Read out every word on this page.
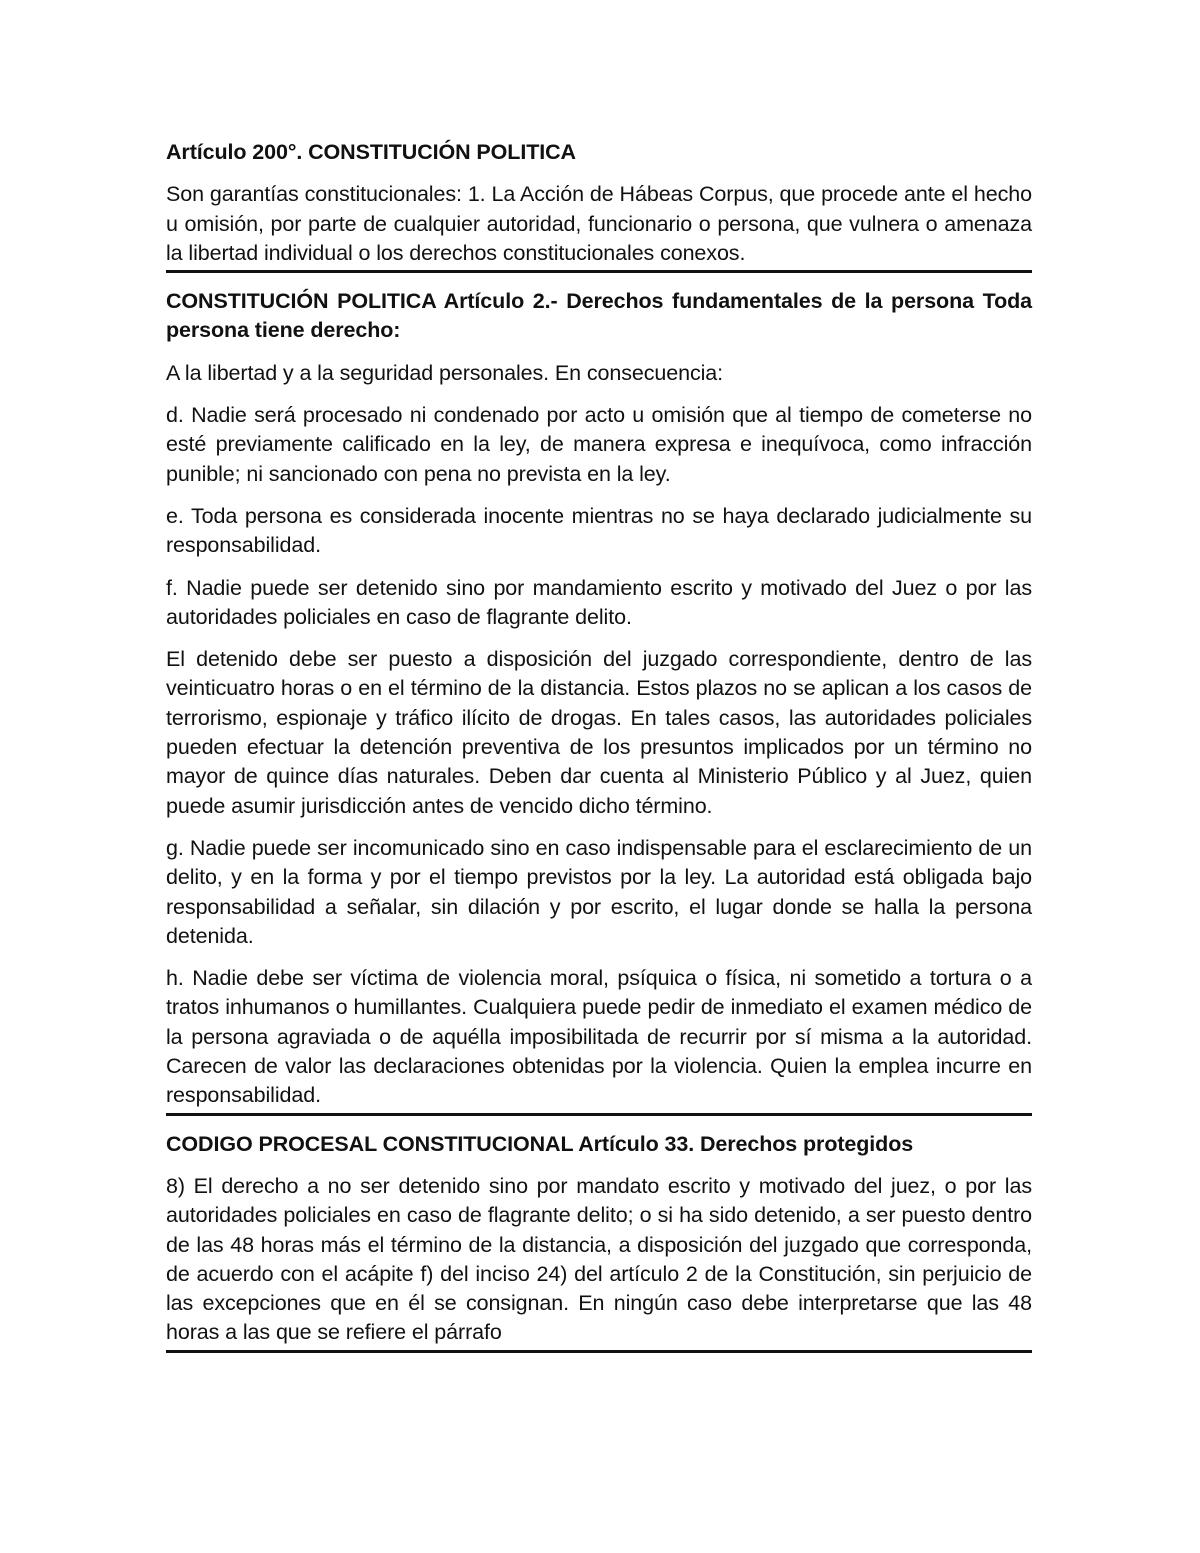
Artículo 200°. CONSTITUCIÓN POLITICA

Son garantías constitucionales: 1. La Acción de Hábeas Corpus, que procede ante el hecho u omisión, por parte de cualquier autoridad, funcionario o persona, que vulnera o amenaza la libertad individual o los derechos constitucionales conexos.

CONSTITUCIÓN POLITICA Artículo 2.- Derechos fundamentales de la persona Toda persona tiene derecho:

A la libertad y a la seguridad personales. En consecuencia:

d. Nadie será procesado ni condenado por acto u omisión que al tiempo de cometerse no esté previamente calificado en la ley, de manera expresa e inequívoca, como infracción punible; ni sancionado con pena no prevista en la ley.

e. Toda persona es considerada inocente mientras no se haya declarado judicialmente su responsabilidad.

f. Nadie puede ser detenido sino por mandamiento escrito y motivado del Juez o por las autoridades policiales en caso de flagrante delito.

El detenido debe ser puesto a disposición del juzgado correspondiente, dentro de las veinticuatro horas o en el término de la distancia. Estos plazos no se aplican a los casos de terrorismo, espionaje y tráfico ilícito de drogas. En tales casos, las autoridades policiales pueden efectuar la detención preventiva de los presuntos implicados por un término no mayor de quince días naturales. Deben dar cuenta al Ministerio Público y al Juez, quien puede asumir jurisdicción antes de vencido dicho término.

g. Nadie puede ser incomunicado sino en caso indispensable para el esclarecimiento de un delito, y en la forma y por el tiempo previstos por la ley. La autoridad está obligada bajo responsabilidad a señalar, sin dilación y por escrito, el lugar donde se halla la persona detenida.

h. Nadie debe ser víctima de violencia moral, psíquica o física, ni sometido a tortura o a tratos inhumanos o humillantes. Cualquiera puede pedir de inmediato el examen médico de la persona agraviada o de aquélla imposibilitada de recurrir por sí misma a la autoridad. Carecen de valor las declaraciones obtenidas por la violencia. Quien la emplea incurre en responsabilidad.

CODIGO PROCESAL CONSTITUCIONAL Artículo 33. Derechos protegidos

8) El derecho a no ser detenido sino por mandato escrito y motivado del juez, o por las autoridades policiales en caso de flagrante delito; o si ha sido detenido, a ser puesto dentro de las 48 horas más el término de la distancia, a disposición del juzgado que corresponda, de acuerdo con el acápite f) del inciso 24) del artículo 2 de la Constitución, sin perjuicio de las excepciones que en él se consignan. En ningún caso debe interpretarse que las 48 horas a las que se refiere el párrafo
